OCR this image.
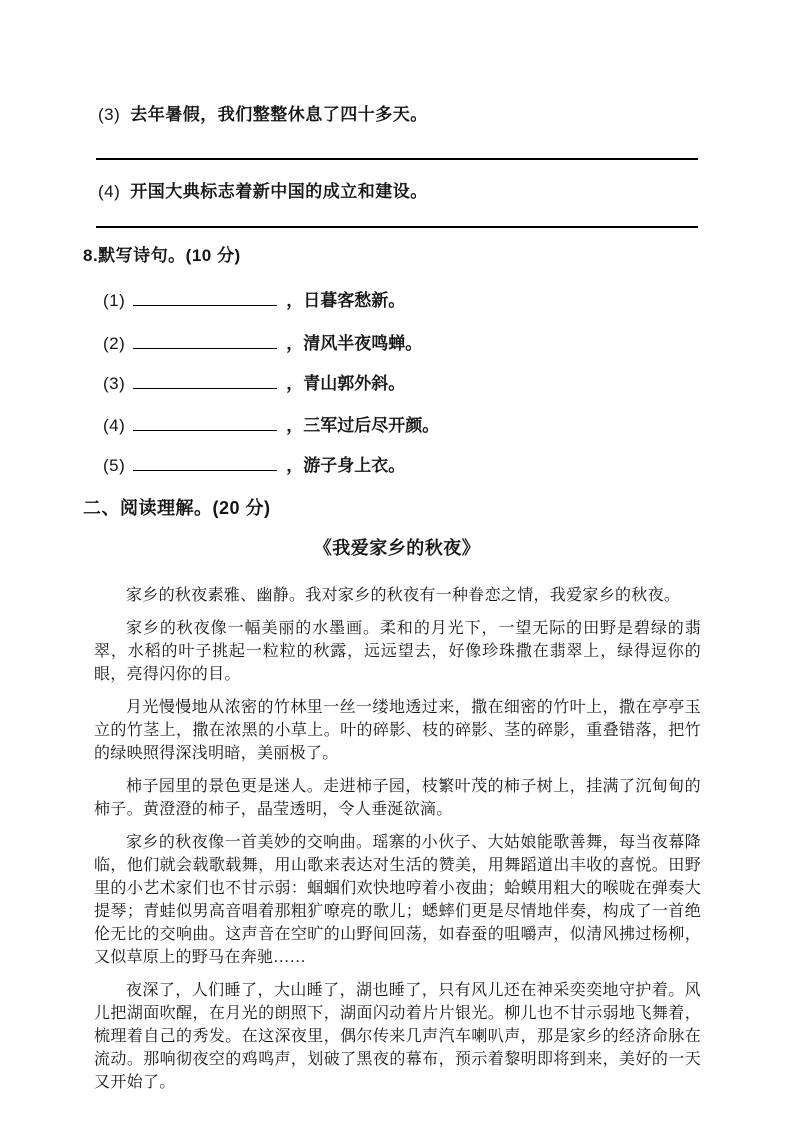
(3) 去年暑假，我们整整休息了四十多天。
(4) 开国大典标志着新中国的成立和建设。
8.默写诗句。(10 分)
(1)	，日暮客愁新。
(2)	，清风半夜鸣蝉。
(3)	，青山郭外斜。
(4)	，三军过后尽开颜。
(5)	，游子身上衣。
二、阅读理解。(20 分)
《我爱家乡的秋夜》

家乡的秋夜素雅、幽静。我对家乡的秋夜有一种眷恋之情，我爱家乡的秋夜。

家乡的秋夜像一幅美丽的水墨画。柔和的月光下，一望无际的田野是碧绿的翡翠，水稻的叶子挑起一粒粒的秋露，远远望去，好像珍珠撒在翡翠上，绿得逗你的眼，亮得闪你的目。

月光慢慢地从浓密的竹林里一丝一缕地透过来，撒在细密的竹叶上，撒在亭亭玉立的竹茎上，撒在浓黑的小草上。叶的碎影、枝的碎影、茎的碎影，重叠错落，把竹的绿映照得深浅明暗，美丽极了。

柿子园里的景色更是迷人。走进柿子园，枝繁叶茂的柿子树上，挂满了沉甸甸的柿子。黄澄澄的柿子，晶莹透明，令人垂涎欲滴。

家乡的秋夜像一首美妙的交响曲。瑶寨的小伙子、大姑娘能歌善舞，每当夜幕降临，他们就会载歌载舞，用山歌来表达对生活的赞美，用舞蹈道出丰收的喜悦。田野里的小艺术家们也不甘示弱：蝈蝈们欢快地哼着小夜曲；蛤蟆用粗大的喉咙在弹奏大提琴；青蛙似男高音唱着那粗犷嘹亮的歌儿；蟋蟀们更是尽情地伴奏，构成了一首绝伦无比的交响曲。这声音在空旷的山野间回荡，如春蚕的咀嚼声，似清风拂过杨柳，又似草原上的野马在奔驰……

夜深了，人们睡了，大山睡了，湖也睡了，只有风儿还在神采奕奕地守护着。风儿把湖面吹醒，在月光的朗照下，湖面闪动着片片银光。柳儿也不甘示弱地飞舞着，梳理着自己的秀发。在这深夜里，偶尔传来几声汽车喇叭声，那是家乡的经济命脉在流动。那响彻夜空的鸡鸣声，划破了黑夜的幕布，预示着黎明即将到来，美好的一天又开始了。
